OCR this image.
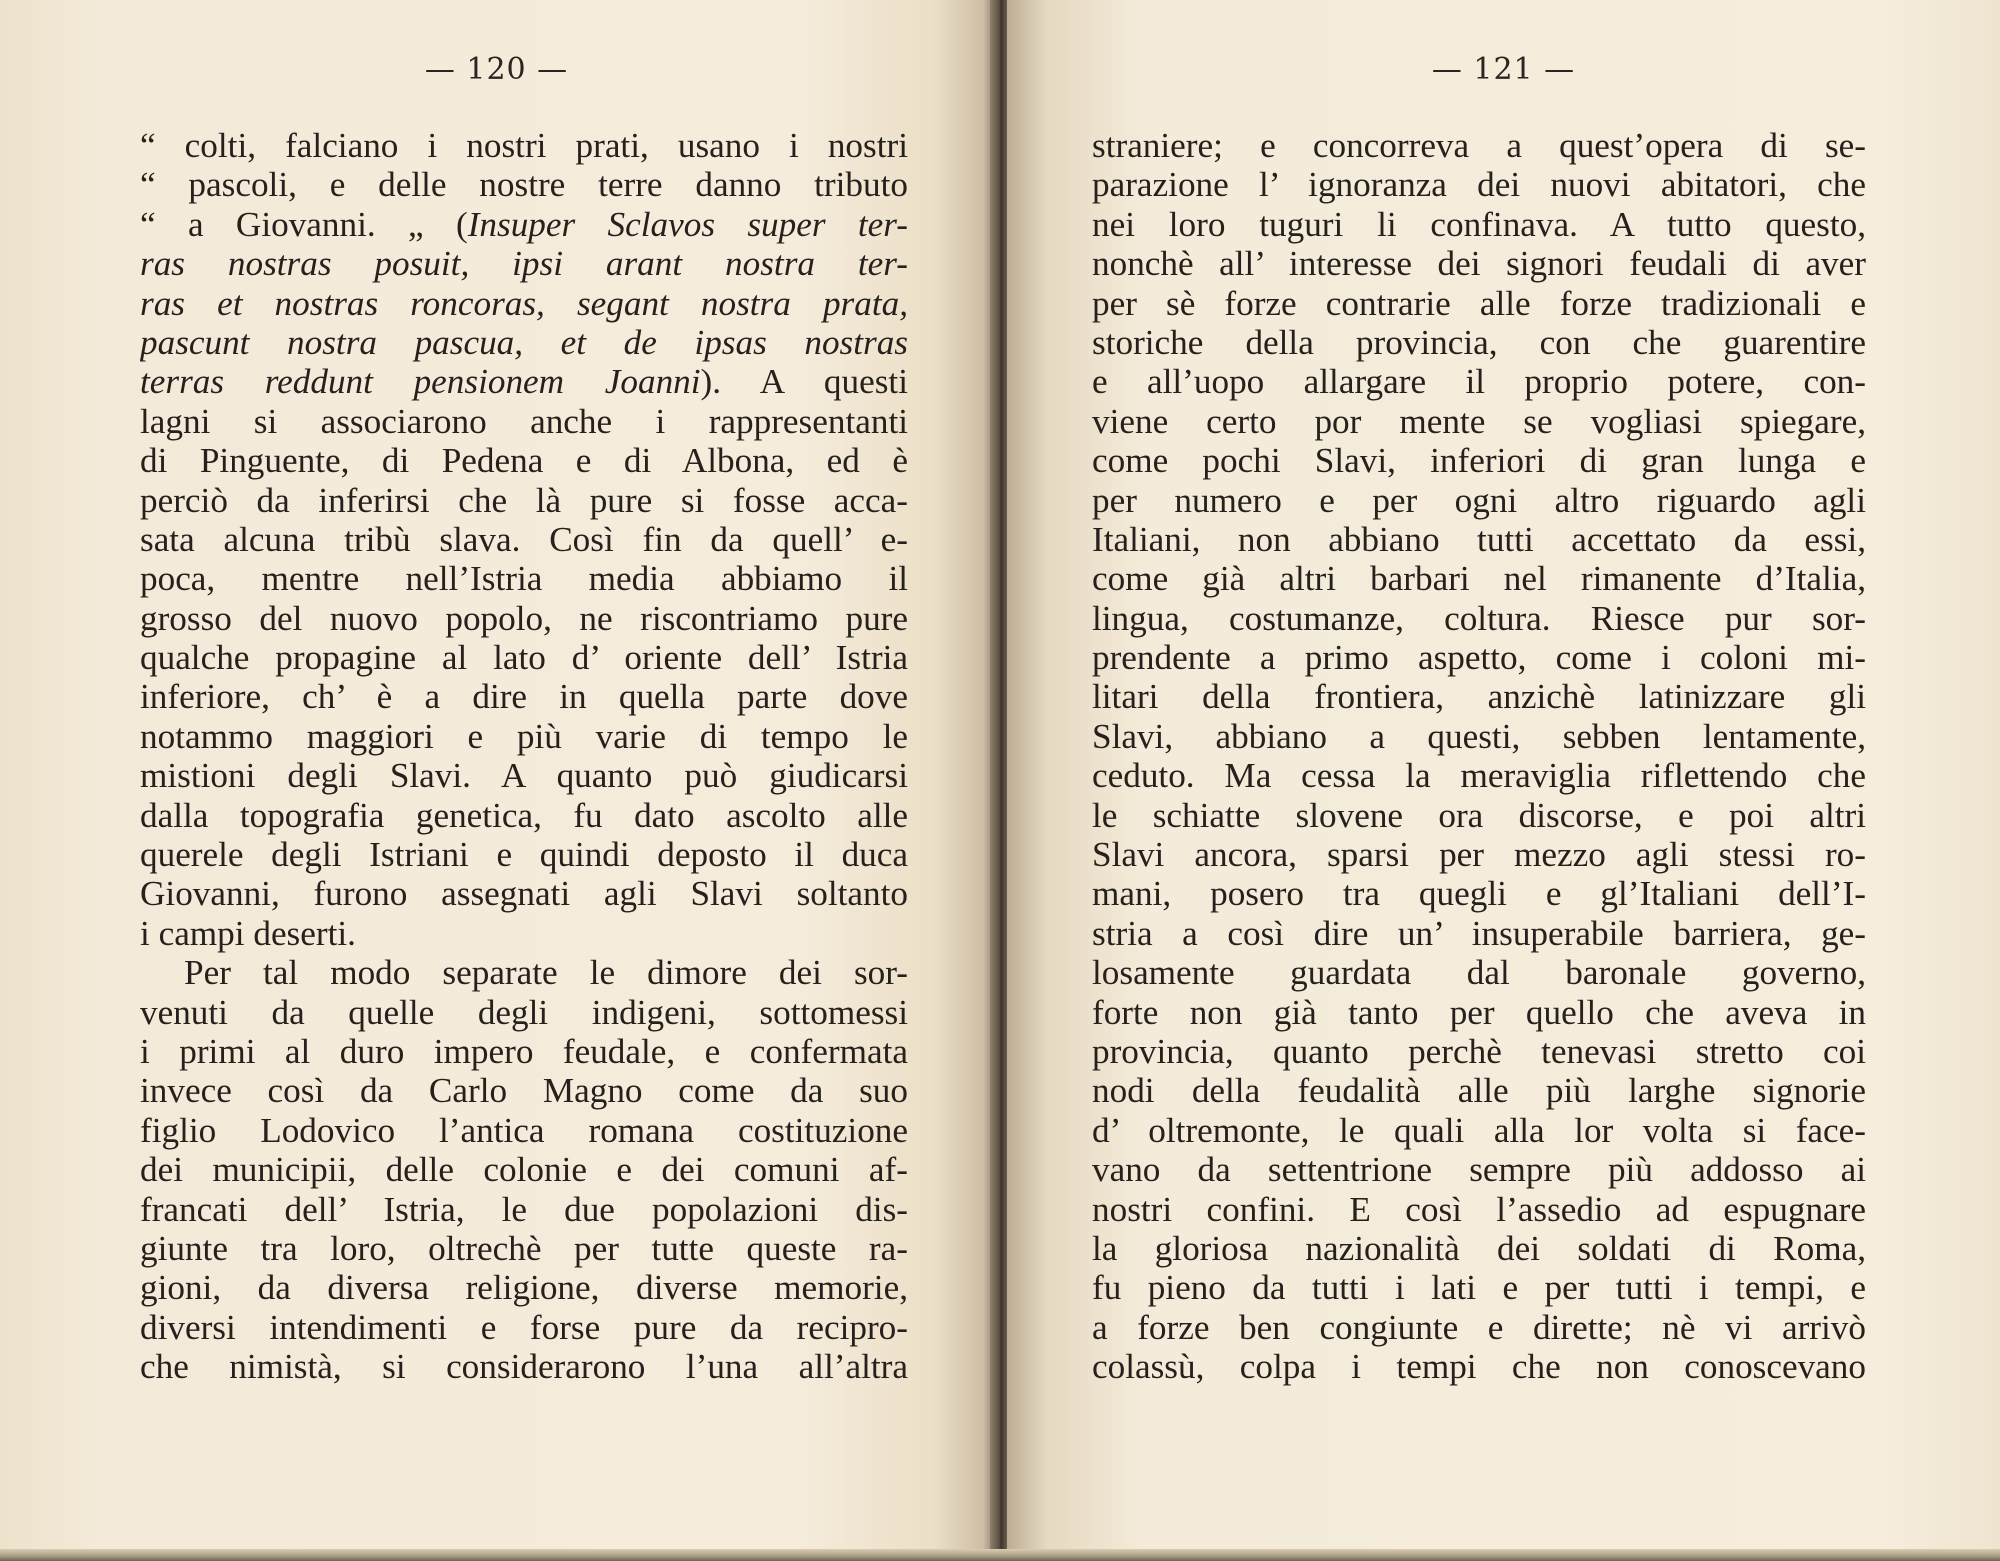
— 120 —
“ colti, falciano i nostri prati, usano i nostri
“ pascoli, e delle nostre terre danno tributo
“ a Giovanni. „ (Insuper Sclavos super ter-
ras nostras posuit, ipsi arant nostra ter-
ras et nostras roncoras, segant nostra prata,
pascunt nostra pascua, et de ipsas nostras
terras reddunt pensionem Joanni). A questi
lagni si associarono anche i rappresentanti
di Pinguente, di Pedena e di Albona, ed è
perciò da inferirsi che là pure si fosse acca-
sata alcuna tribù slava. Così fin da quell’ e-
poca, mentre nell’Istria media abbiamo il
grosso del nuovo popolo, ne riscontriamo pure
qualche propagine al lato d’ oriente dell’ Istria
inferiore, ch’ è a dire in quella parte dove
notammo maggiori e più varie di tempo le
mistioni degli Slavi. A quanto può giudicarsi
dalla topografia genetica, fu dato ascolto alle
querele degli Istriani e quindi deposto il duca
Giovanni, furono assegnati agli Slavi soltanto
i campi deserti.
Per tal modo separate le dimore dei sor-
venuti da quelle degli indigeni, sottomessi
i primi al duro impero feudale, e confermata
invece così da Carlo Magno come da suo
figlio Lodovico l’antica romana costituzione
dei municipii, delle colonie e dei comuni af-
francati dell’ Istria, le due popolazioni dis-
giunte tra loro, oltrechè per tutte queste ra-
gioni, da diversa religione, diverse memorie,
diversi intendimenti e forse pure da recipro-
che nimistà, si considerarono l’una all’altra
— 121 —
straniere; e concorreva a quest’opera di se-
parazione l’ ignoranza dei nuovi abitatori, che
nei loro tuguri li confinava. A tutto questo,
nonchè all’ interesse dei signori feudali di aver
per sè forze contrarie alle forze tradizionali e
storiche della provincia, con che guarentire
e all’uopo allargare il proprio potere, con-
viene certo por mente se vogliasi spiegare,
come pochi Slavi, inferiori di gran lunga e
per numero e per ogni altro riguardo agli
Italiani, non abbiano tutti accettato da essi,
come già altri barbari nel rimanente d’Italia,
lingua, costumanze, coltura. Riesce pur sor-
prendente a primo aspetto, come i coloni mi-
litari della frontiera, anzichè latinizzare gli
Slavi, abbiano a questi, sebben lentamente,
ceduto. Ma cessa la meraviglia riflettendo che
le schiatte slovene ora discorse, e poi altri
Slavi ancora, sparsi per mezzo agli stessi ro-
mani, posero tra quegli e gl’Italiani dell’I-
stria a così dire un’ insuperabile barriera, ge-
losamente guardata dal baronale governo,
forte non già tanto per quello che aveva in
provincia, quanto perchè tenevasi stretto coi
nodi della feudalità alle più larghe signorie
d’ oltremonte, le quali alla lor volta si face-
vano da settentrione sempre più addosso ai
nostri confini. E così l’assedio ad espugnare
la gloriosa nazionalità dei soldati di Roma,
fu pieno da tutti i lati e per tutti i tempi, e
a forze ben congiunte e dirette; nè vi arrivò
colassù, colpa i tempi che non conoscevano
